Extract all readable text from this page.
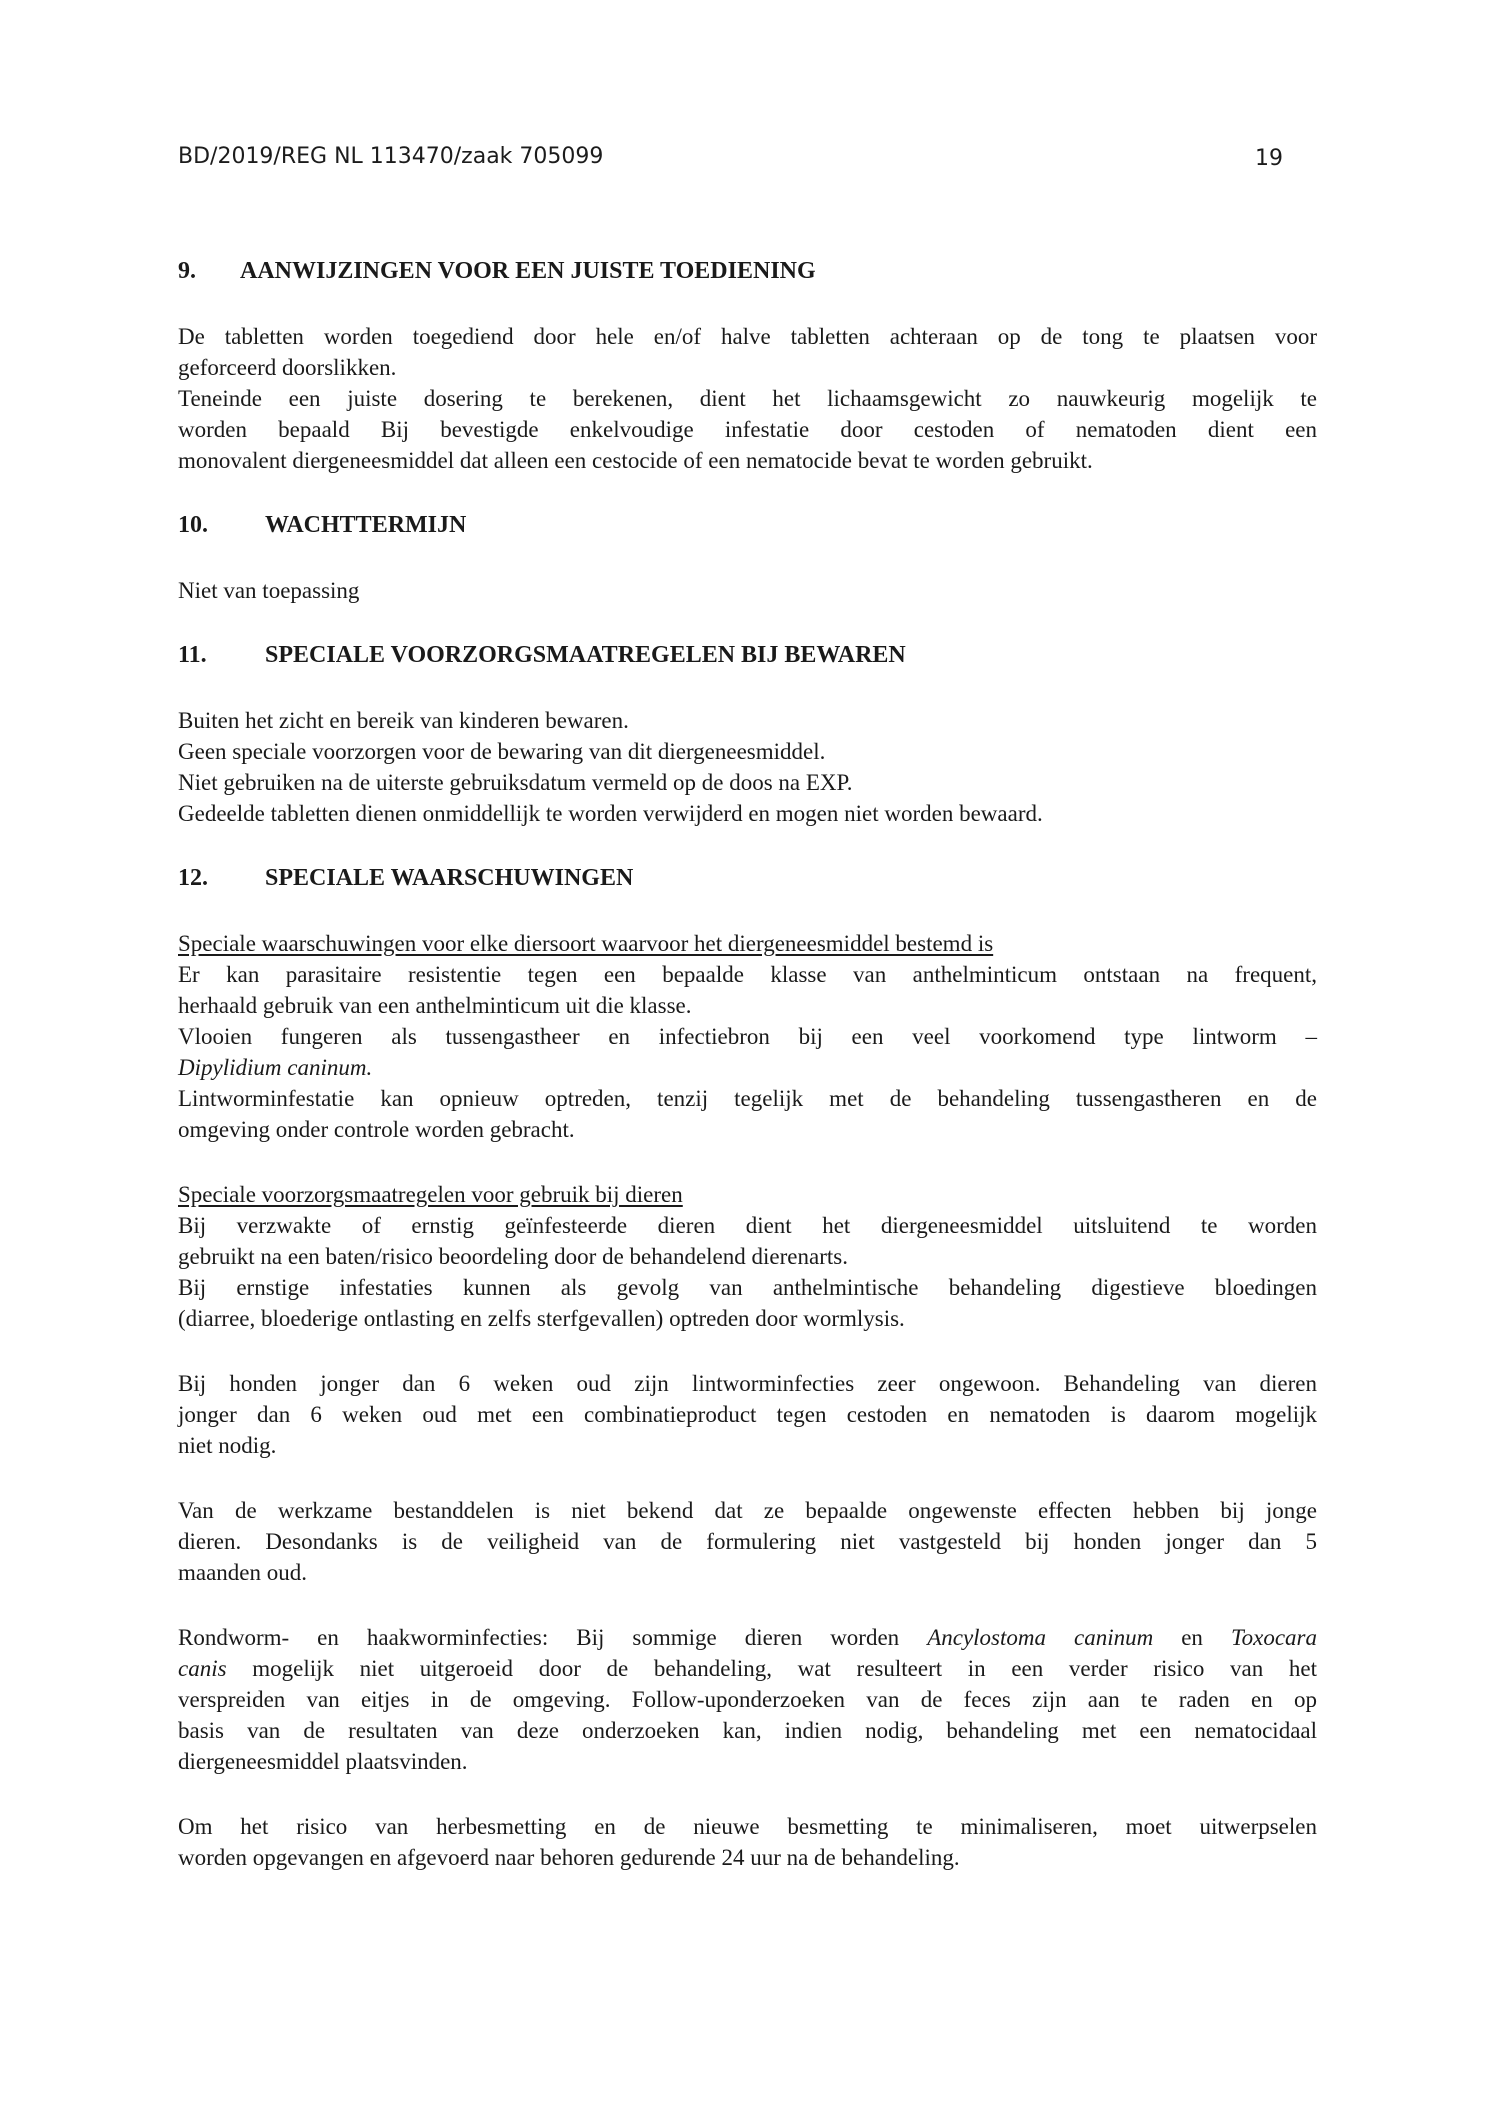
BD/2019/REG NL 113470/zaak 705099	19
9. AANWIJZINGEN VOOR EEN JUISTE TOEDIENING
De tabletten worden toegediend door hele en/of halve tabletten achteraan op de tong te plaatsen voor
geforceerd doorslikken.
Teneinde een juiste dosering te berekenen, dient het lichaamsgewicht zo nauwkeurig mogelijk te
worden bepaald Bij bevestigde enkelvoudige infestatie door cestoden of nematoden dient een
monovalent diergeneesmiddel dat alleen een cestocide of een nematocide bevat te worden gebruikt.
10. WACHTTERMIJN
Niet van toepassing
11. SPECIALE VOORZORGSMAATREGELEN BIJ BEWAREN
Buiten het zicht en bereik van kinderen bewaren.
Geen speciale voorzorgen voor de bewaring van dit diergeneesmiddel.
Niet gebruiken na de uiterste gebruiksdatum vermeld op de doos na EXP.
Gedeelde tabletten dienen onmiddellijk te worden verwijderd en mogen niet worden bewaard.
12. SPECIALE WAARSCHUWINGEN
Speciale waarschuwingen voor elke diersoort waarvoor het diergeneesmiddel bestemd is
Er kan parasitaire resistentie tegen een bepaalde klasse van anthelminticum ontstaan na frequent,
herhaald gebruik van een anthelminticum uit die klasse.
Vlooien fungeren als tussengastheer en infectiebron bij een veel voorkomend type lintworm –
Dipylidium caninum.
Lintworminfestatie kan opnieuw optreden, tenzij tegelijk met de behandeling tussengastheren en de
omgeving onder controle worden gebracht.
Speciale voorzorgsmaatregelen voor gebruik bij dieren
Bij verzwakte of ernstig geïnfesteerde dieren dient het diergeneesmiddel uitsluitend te worden
gebruikt na een baten/risico beoordeling door de behandelend dierenarts.
Bij ernstige infestaties kunnen als gevolg van anthelmintische behandeling digestieve bloedingen
(diarree, bloederige ontlasting en zelfs sterfgevallen) optreden door wormlysis.
Bij honden jonger dan 6 weken oud zijn lintworminfecties zeer ongewoon. Behandeling van dieren
jonger dan 6 weken oud met een combinatieproduct tegen cestoden en nematoden is daarom mogelijk
niet nodig.
Van de werkzame bestanddelen is niet bekend dat ze bepaalde ongewenste effecten hebben bij jonge
dieren. Desondanks is de veiligheid van de formulering niet vastgesteld bij honden jonger dan 5
maanden oud.
Rondworm- en haakworminfecties: Bij sommige dieren worden Ancylostoma caninum en Toxocara
canis mogelijk niet uitgeroeid door de behandeling, wat resulteert in een verder risico van het
verspreiden van eitjes in de omgeving. Follow-uponderzoeken van de feces zijn aan te raden en op
basis van de resultaten van deze onderzoeken kan, indien nodig, behandeling met een nematocidaal
diergeneesmiddel plaatsvinden.
Om het risico van herbesmetting en de nieuwe besmetting te minimaliseren, moet uitwerpselen
worden opgevangen en afgevoerd naar behoren gedurende 24 uur na de behandeling.
